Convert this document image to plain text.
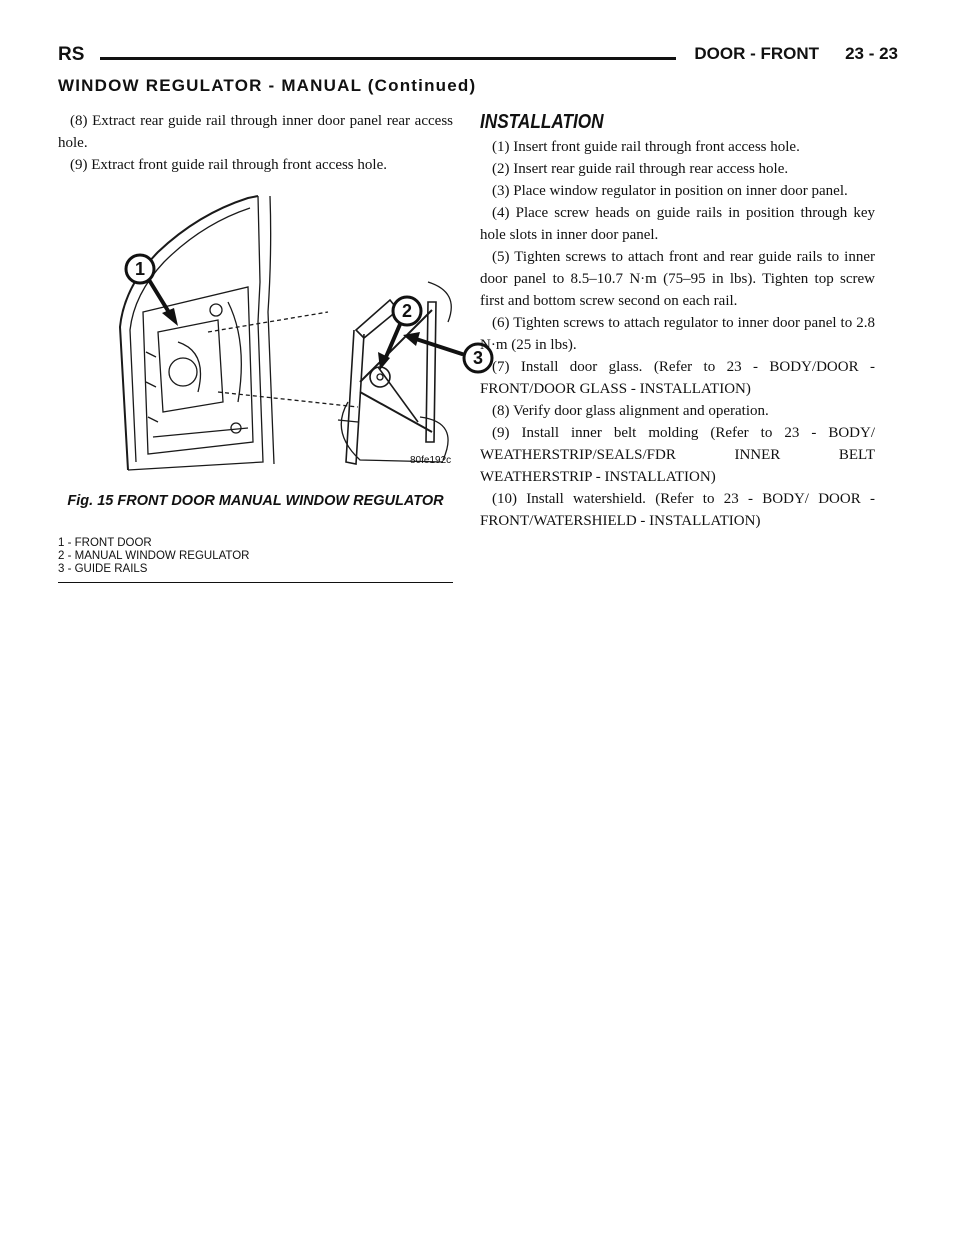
RS	DOOR - FRONT 23 - 23
WINDOW REGULATOR - MANUAL (Continued)

(8) Extract rear guide rail through inner door panel rear access hole.

(9) Extract front guide rail through front access hole.

1
2
3
80fe192c
Fig. 15 FRONT DOOR MANUAL WINDOW REGULATOR
1 - FRONT DOOR
2 - MANUAL WINDOW REGULATOR
3 - GUIDE RAILS
INSTALLATION

(1) Insert front guide rail through front access hole.

(2) Insert rear guide rail through rear access hole.

(3) Place window regulator in position on inner door panel.

(4) Place screw heads on guide rails in position through key hole slots in inner door panel.

(5) Tighten screws to attach front and rear guide rails to inner door panel to 8.5–10.7 N·m (75–95 in lbs). Tighten top screw first and bottom screw second on each rail.

(6) Tighten screws to attach regulator to inner door panel to 2.8 N·m (25 in lbs).

(7) Install door glass. (Refer to 23 - BODY/DOOR - FRONT/DOOR GLASS - INSTALLATION)

(8) Verify door glass alignment and operation.

(9) Install inner belt molding (Refer to 23 - BODY/ WEATHERSTRIP/SEALS/FDR INNER BELT WEATHERSTRIP - INSTALLATION)

(10) Install watershield. (Refer to 23 - BODY/ DOOR - FRONT/WATERSHIELD - INSTALLATION)
